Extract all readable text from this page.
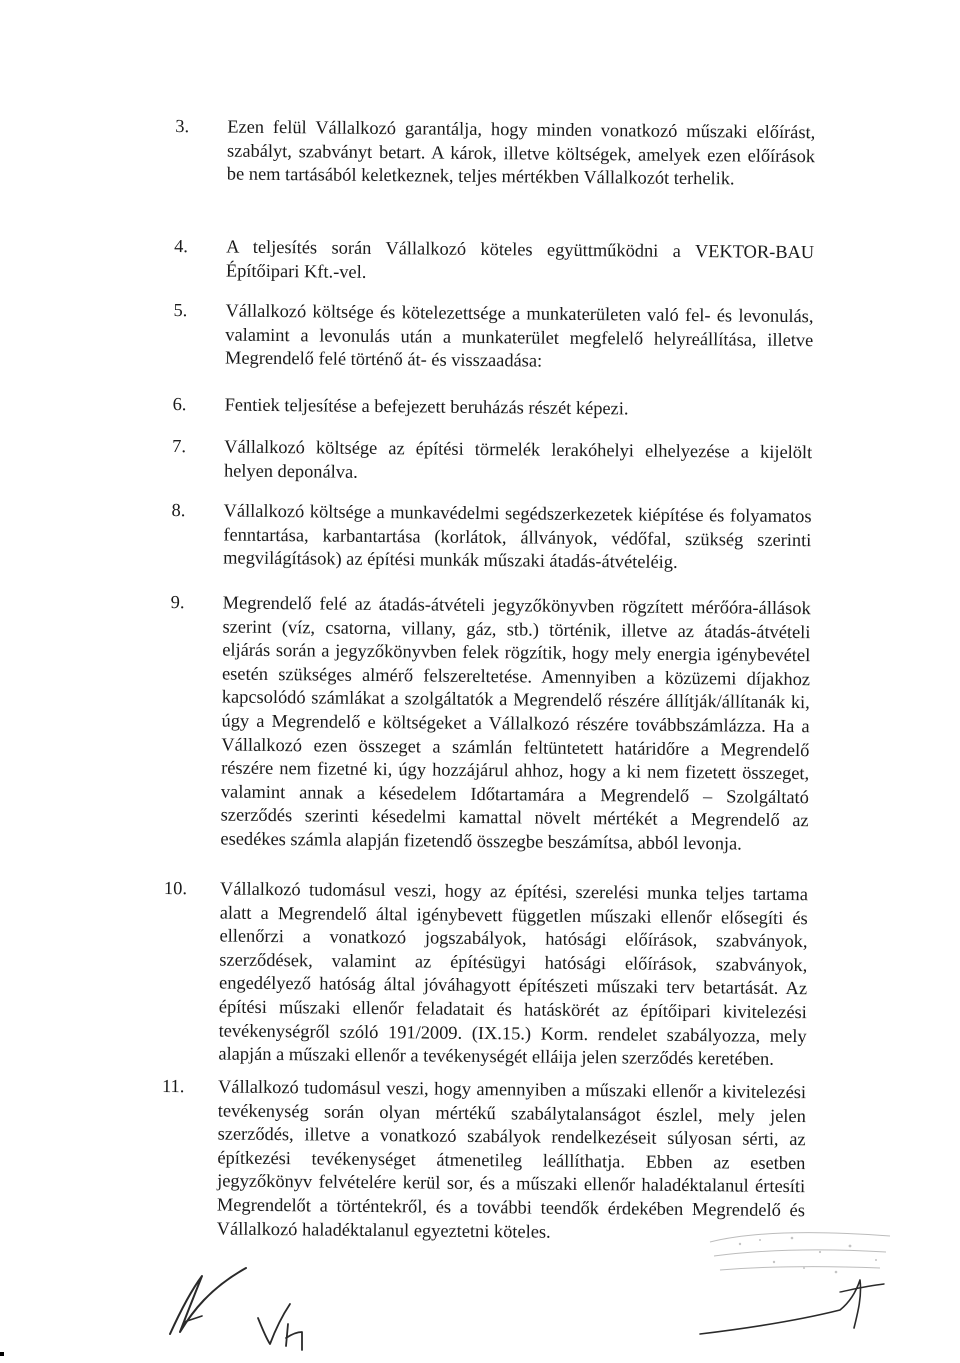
3.	Ezen felül Vállalkozó garantálja, hogy minden vonatkozó műszaki előírást, szabályt, szabványt betart. A károk, illetve költségek, amelyek ezen előírások be nem tartásából keletkeznek, teljes mértékben Vállalkozót terhelik.
4.	A teljesítés során Vállalkozó köteles együttműködni a VEKTOR-BAU Építőipari Kft.-vel.
5.	Vállalkozó költsége és kötelezettsége a munkaterületen való fel- és levonulás, valamint a levonulás után a munkaterület megfelelő helyreállítása, illetve Megrendelő felé történő át- és visszaadása:
6.	Fentiek teljesítése a befejezett beruházás részét képezi.
7.	Vállalkozó költsége az építési törmelék lerakóhelyi elhelyezése a kijelölt helyen deponálva.
8.	Vállalkozó költsége a munkavédelmi segédszerkezetek kiépítése és folyamatos fenntartása, karbantartása (korlátok, állványok, védőfal, szükség szerinti megvilágítások) az építési munkák műszaki átadás-átvételéig.
9.	Megrendelő felé az átadás-átvételi jegyzőkönyvben rögzített mérőóra-állások szerint (víz, csatorna, villany, gáz, stb.) történik, illetve az átadás-átvételi eljárás során a jegyzőkönyvben felek rögzítik, hogy mely energia igénybevétel esetén szükséges almérő felszereltetése. Amennyiben a közüzemi díjakhoz kapcsolódó számlákat a szolgáltatók a Megrendelő részére állítják/állítanák ki, úgy a Megrendelő e költségeket a Vállalkozó részére továbbszámlázza. Ha a Vállalkozó ezen összeget a számlán feltüntetett határidőre a Megrendelő részére nem fizetné ki, úgy hozzájárul ahhoz, hogy a ki nem fizetett összeget, valamint annak a késedelem Időtartamára a Megrendelő – Szolgáltató szerződés szerinti késedelmi kamattal növelt mértékét a Megrendelő az esedékes számla alapján fizetendő összegbe beszámítsa, abból levonja.
10.	Vállalkozó tudomásul veszi, hogy az építési, szerelési munka teljes tartama alatt a Megrendelő által igénybevett független műszaki ellenőr elősegíti és ellenőrzi a vonatkozó jogszabályok, hatósági előírások, szabványok, szerződések, valamint az építésügyi hatósági előírások, szabványok, engedélyező hatóság által jóváhagyott építészeti műszaki terv betartását. Az építési műszaki ellenőr feladatait és hatáskörét az építőipari kivitelezési tevékenységről szóló 191/2009. (IX.15.) Korm. rendelet szabályozza, mely alapján a műszaki ellenőr a tevékenységét elláija jelen szerződés keretében.
11.	Vállalkozó tudomásul veszi, hogy amennyiben a műszaki ellenőr a kivitelezési tevékenység során olyan mértékű szabálytalanságot észlel, mely jelen szerződés, illetve a vonatkozó szabályok rendelkezéseit súlyosan sérti, az építkezési tevékenységet átmenetileg leállíthatja. Ebben az esetben jegyzőkönyv felvételére kerül sor, és a műszaki ellenőr haladéktalanul értesíti Megrendelőt a történtekről, és a további teendők érdekében Megrendelő és Vállalkozó haladéktalanul egyeztetni köteles.
